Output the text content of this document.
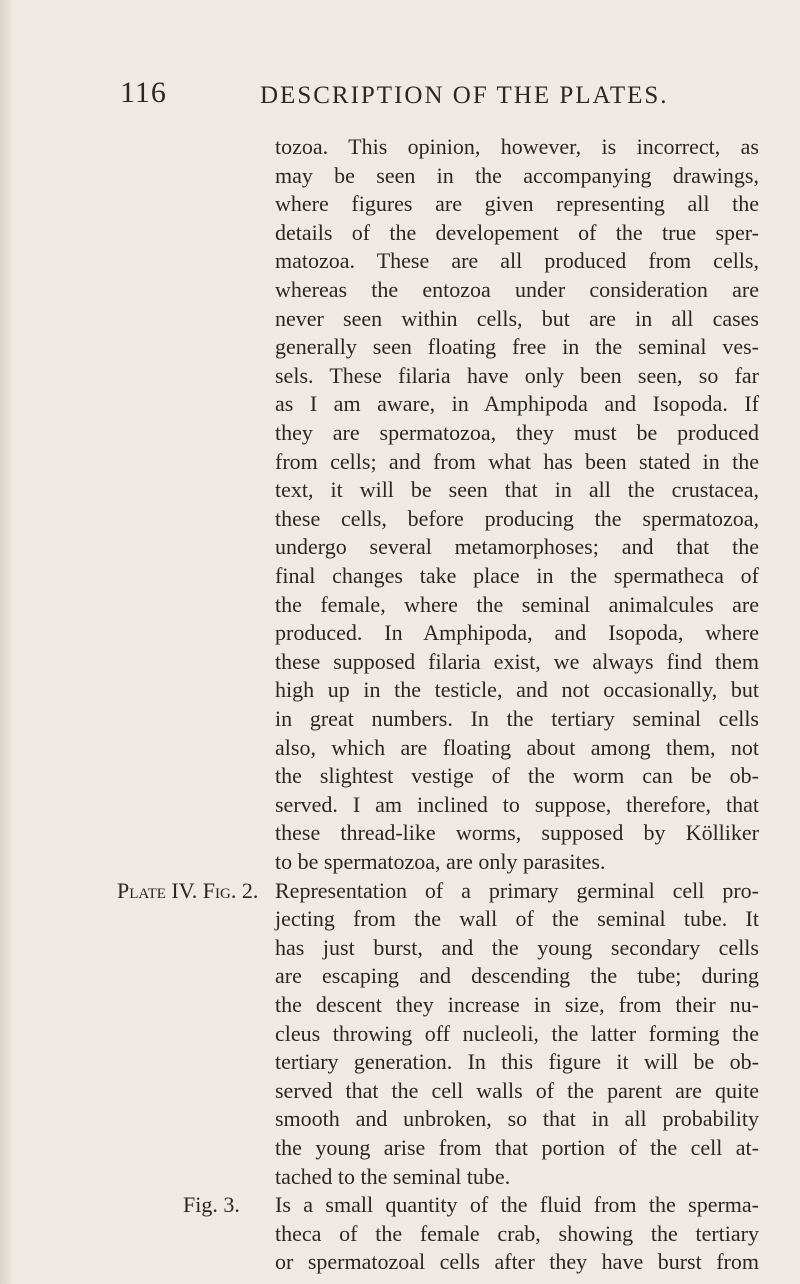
116	DESCRIPTION OF THE PLATES.
tozoa. This opinion, however, is incorrect, as
may be seen in the accompanying drawings,
where figures are given representing all the
details of the developement of the true sper-
matozoa. These are all produced from cells,
whereas the entozoa under consideration are
never seen within cells, but are in all cases
generally seen floating free in the seminal ves-
sels. These filaria have only been seen, so far
as I am aware, in Amphipoda and Isopoda. If
they are spermatozoa, they must be produced
from cells; and from what has been stated in the
text, it will be seen that in all the crustacea,
these cells, before producing the spermatozoa,
undergo several metamorphoses; and that the
final changes take place in the spermatheca of
the female, where the seminal animalcules are
produced. In Amphipoda, and Isopoda, where
these supposed filaria exist, we always find them
high up in the testicle, and not occasionally, but
in great numbers. In the tertiary seminal cells
also, which are floating about among them, not
the slightest vestige of the worm can be ob-
served. I am inclined to suppose, therefore, that
these thread-like worms, supposed by Kölliker
to be spermatozoa, are only parasites.
Plate IV. Fig. 2. Representation of a primary germinal cell pro-
jecting from the wall of the seminal tube. It
has just burst, and the young secondary cells
are escaping and descending the tube; during
the descent they increase in size, from their nu-
cleus throwing off nucleoli, the latter forming the
tertiary generation. In this figure it will be ob-
served that the cell walls of the parent are quite
smooth and unbroken, so that in all probability
the young arise from that portion of the cell at-
tached to the seminal tube.
Fig. 3. Is a small quantity of the fluid from the sperma-
theca of the female crab, showing the tertiary
or spermatozoal cells after they have burst from
